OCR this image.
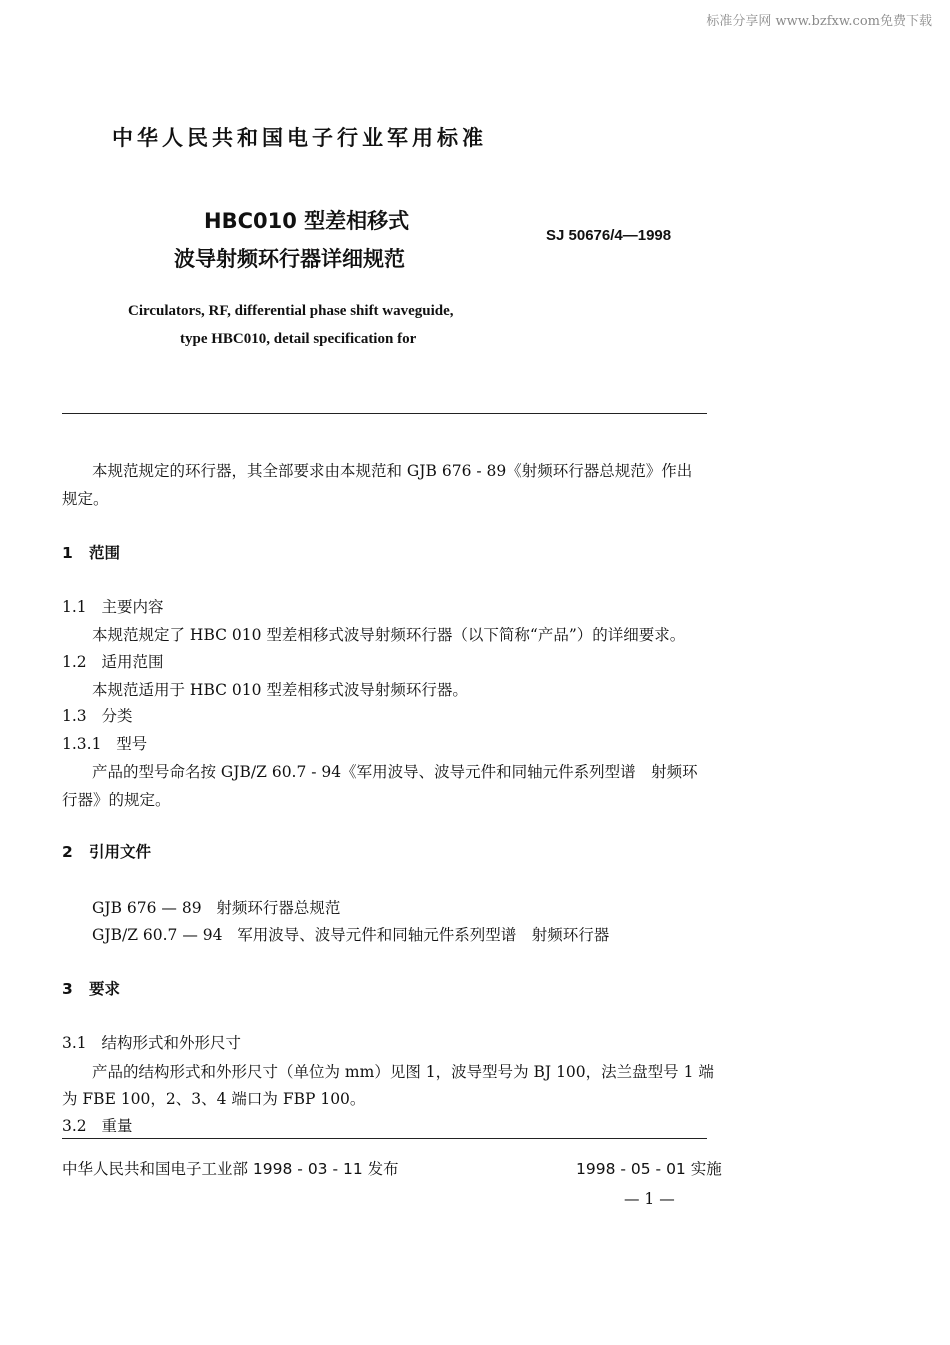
标准分享网 www.bzfxw.com免费下载
中华人民共和国电子行业军用标准
HBC010 型差相移式
波导射频环行器详细规范
SJ 50676/4—1998
Circulators, RF, differential phase shift waveguide,
type HBC010, detail specification for
本规范规定的环行器，其全部要求由本规范和 GJB 676 - 89《射频环行器总规范》作出
规定。
1 范围
1.1 主要内容
本规范规定了 HBC 010 型差相移式波导射频环行器（以下简称“产品”）的详细要求。
1.2 适用范围
本规范适用于 HBC 010 型差相移式波导射频环行器。
1.3 分类
1.3.1 型号
产品的型号命名按 GJB/Z 60.7 - 94《军用波导、波导元件和同轴元件系列型谱　射频环
行器》的规定。
2 引用文件
GJB 676 — 89 射频环行器总规范
GJB/Z 60.7 — 94 军用波导、波导元件和同轴元件系列型谱　射频环行器
3 要求
3.1 结构形式和外形尺寸
产品的结构形式和外形尺寸（单位为 mm）见图 1，波导型号为 BJ 100，法兰盘型号 1 端
为 FBE 100，2、3、4 端口为 FBP 100。
3.2 重量
中华人民共和国电子工业部 1998 - 03 - 11 发布	1998 - 05 - 01 实施
— 1 —
